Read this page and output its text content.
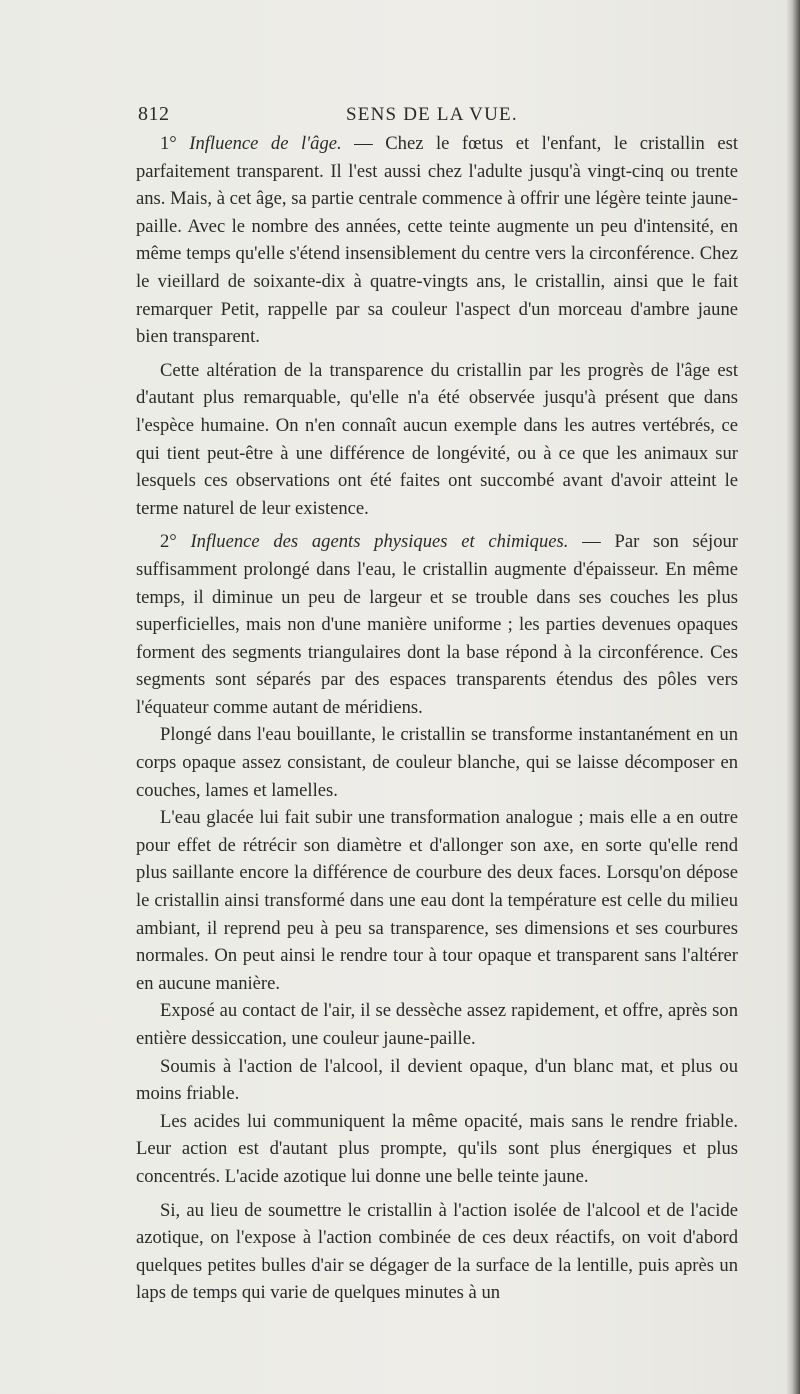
812	SENS DE LA VUE.

1° Influence de l'âge. — Chez le fœtus et l'enfant, le cristallin est parfaitement transparent. Il l'est aussi chez l'adulte jusqu'à vingt-cinq ou trente ans. Mais, à cet âge, sa partie centrale commence à offrir une légère teinte jaune-paille. Avec le nombre des années, cette teinte augmente un peu d'intensité, en même temps qu'elle s'étend insensiblement du centre vers la circonférence. Chez le vieillard de soixante-dix à quatre-vingts ans, le cristallin, ainsi que le fait remarquer Petit, rappelle par sa couleur l'aspect d'un morceau d'ambre jaune bien transparent.

Cette altération de la transparence du cristallin par les progrès de l'âge est d'autant plus remarquable, qu'elle n'a été observée jusqu'à présent que dans l'espèce humaine. On n'en connaît aucun exemple dans les autres vertébrés, ce qui tient peut-être à une différence de longévité, ou à ce que les animaux sur lesquels ces observations ont été faites ont succombé avant d'avoir atteint le terme naturel de leur existence.

2° Influence des agents physiques et chimiques. — Par son séjour suffisamment prolongé dans l'eau, le cristallin augmente d'épaisseur. En même temps, il diminue un peu de largeur et se trouble dans ses couches les plus superficielles, mais non d'une manière uniforme ; les parties devenues opaques forment des segments triangulaires dont la base répond à la circonférence. Ces segments sont séparés par des espaces transparents étendus des pôles vers l'équateur comme autant de méridiens.

Plongé dans l'eau bouillante, le cristallin se transforme instantanément en un corps opaque assez consistant, de couleur blanche, qui se laisse décomposer en couches, lames et lamelles.

L'eau glacée lui fait subir une transformation analogue ; mais elle a en outre pour effet de rétrécir son diamètre et d'allonger son axe, en sorte qu'elle rend plus saillante encore la différence de courbure des deux faces. Lorsqu'on dépose le cristallin ainsi transformé dans une eau dont la température est celle du milieu ambiant, il reprend peu à peu sa transparence, ses dimensions et ses courbures normales. On peut ainsi le rendre tour à tour opaque et transparent sans l'altérer en aucune manière.

Exposé au contact de l'air, il se dessèche assez rapidement, et offre, après son entière dessiccation, une couleur jaune-paille.

Soumis à l'action de l'alcool, il devient opaque, d'un blanc mat, et plus ou moins friable.

Les acides lui communiquent la même opacité, mais sans le rendre friable. Leur action est d'autant plus prompte, qu'ils sont plus énergiques et plus concentrés. L'acide azotique lui donne une belle teinte jaune.

Si, au lieu de soumettre le cristallin à l'action isolée de l'alcool et de l'acide azotique, on l'expose à l'action combinée de ces deux réactifs, on voit d'abord quelques petites bulles d'air se dégager de la surface de la lentille, puis après un laps de temps qui varie de quelques minutes à un
